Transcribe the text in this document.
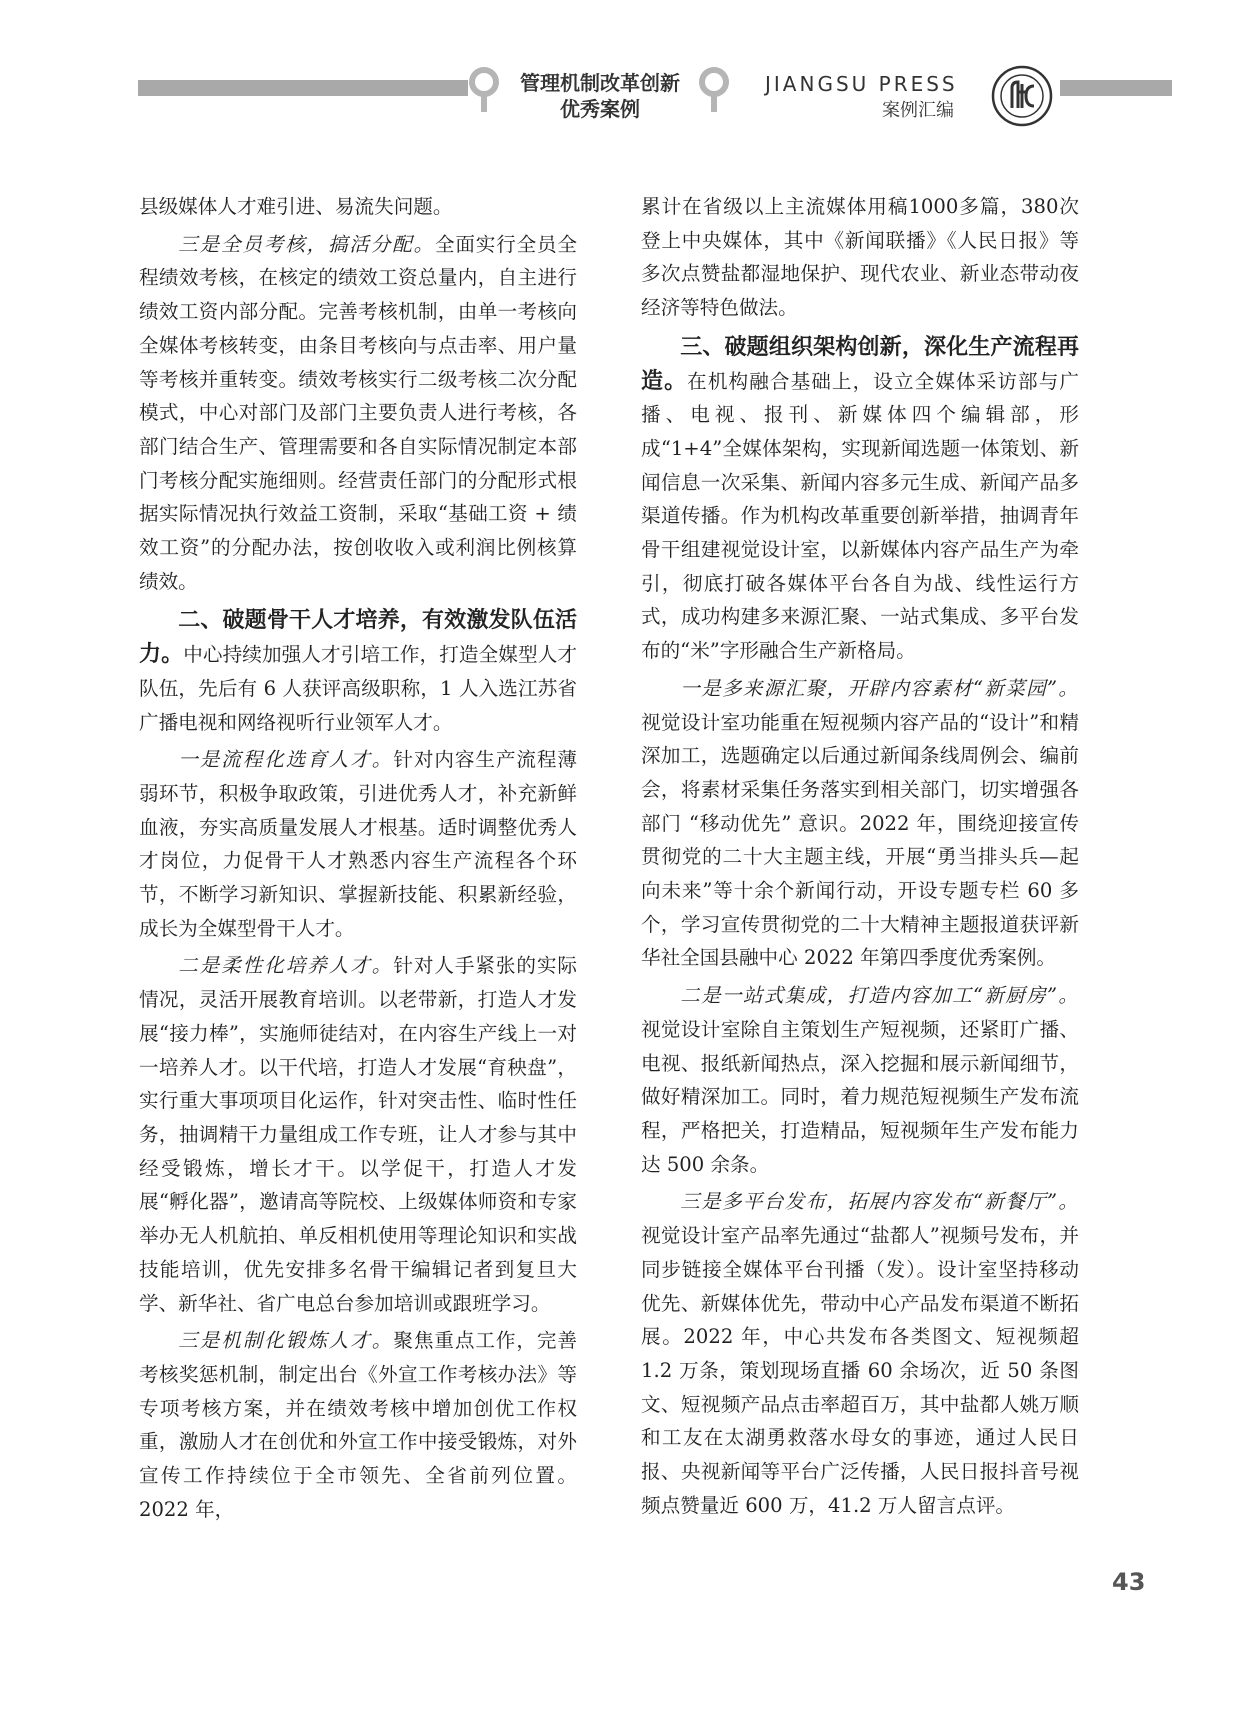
管理机制改革创新
优秀案例
JIANGSU PRESS
案例汇编

县级媒体人才难引进、易流失问题。

三是全员考核，搞活分配。全面实行全员全程绩效考核，在核定的绩效工资总量内，自主进行绩效工资内部分配。完善考核机制，由单一考核向全媒体考核转变，由条目考核向与点击率、用户量等考核并重转变。绩效考核实行二级考核二次分配模式，中心对部门及部门主要负责人进行考核，各部门结合生产、管理需要和各自实际情况制定本部门考核分配实施细则。经营责任部门的分配形式根据实际情况执行效益工资制，采取“基础工资 + 绩效工资”的分配办法，按创收收入或利润比例核算绩效。

二、破题骨干人才培养，有效激发队伍活力。中心持续加强人才引培工作，打造全媒型人才队伍，先后有 6 人获评高级职称，1 人入选江苏省广播电视和网络视听行业领军人才。

一是流程化选育人才。针对内容生产流程薄弱环节，积极争取政策，引进优秀人才，补充新鲜血液，夯实高质量发展人才根基。适时调整优秀人才岗位，力促骨干人才熟悉内容生产流程各个环节，不断学习新知识、掌握新技能、积累新经验，成长为全媒型骨干人才。

二是柔性化培养人才。针对人手紧张的实际情况，灵活开展教育培训。以老带新，打造人才发展“接力棒”，实施师徒结对，在内容生产线上一对一培养人才。以干代培，打造人才发展“育秧盘”，实行重大事项项目化运作，针对突击性、临时性任务，抽调精干力量组成工作专班，让人才参与其中经受锻炼，增长才干。以学促干，打造人才发展“孵化器”，邀请高等院校、上级媒体师资和专家举办无人机航拍、单反相机使用等理论知识和实战技能培训，优先安排多名骨干编辑记者到复旦大学、新华社、省广电总台参加培训或跟班学习。

三是机制化锻炼人才。聚焦重点工作，完善考核奖惩机制，制定出台《外宣工作考核办法》等专项考核方案，并在绩效考核中增加创优工作权重，激励人才在创优和外宣工作中接受锻炼，对外宣传工作持续位于全市领先、全省前列位置。2022 年，

累计在省级以上主流媒体用稿1000多篇，380次登上中央媒体，其中《新闻联播》《人民日报》等多次点赞盐都湿地保护、现代农业、新业态带动夜经济等特色做法。

三、破题组织架构创新，深化生产流程再造。在机构融合基础上，设立全媒体采访部与广播、电视、报刊、新媒体四个编辑部，形成“1+4”全媒体架构，实现新闻选题一体策划、新闻信息一次采集、新闻内容多元生成、新闻产品多渠道传播。作为机构改革重要创新举措，抽调青年骨干组建视觉设计室，以新媒体内容产品生产为牵引，彻底打破各媒体平台各自为战、线性运行方式，成功构建多来源汇聚、一站式集成、多平台发布的“米”字形融合生产新格局。

一是多来源汇聚，开辟内容素材“新菜园”。视觉设计室功能重在短视频内容产品的“设计”和精深加工，选题确定以后通过新闻条线周例会、编前会，将素材采集任务落实到相关部门，切实增强各部门 “移动优先” 意识。2022 年，围绕迎接宣传贯彻党的二十大主题主线，开展“勇当排头兵—起向未来”等十余个新闻行动，开设专题专栏 60 多个，学习宣传贯彻党的二十大精神主题报道获评新华社全国县融中心 2022 年第四季度优秀案例。

二是一站式集成，打造内容加工“新厨房”。视觉设计室除自主策划生产短视频，还紧盯广播、电视、报纸新闻热点，深入挖掘和展示新闻细节，做好精深加工。同时，着力规范短视频生产发布流程，严格把关，打造精品，短视频年生产发布能力达 500 余条。

三是多平台发布，拓展内容发布“新餐厅”。视觉设计室产品率先通过“盐都人”视频号发布，并同步链接全媒体平台刊播（发）。设计室坚持移动优先、新媒体优先，带动中心产品发布渠道不断拓展。2022 年，中心共发布各类图文、短视频超 1.2 万条，策划现场直播 60 余场次，近 50 条图文、短视频产品点击率超百万，其中盐都人姚万顺和工友在太湖勇救落水母女的事迹，通过人民日报、央视新闻等平台广泛传播，人民日报抖音号视频点赞量近 600 万，41.2 万人留言点评。

43
